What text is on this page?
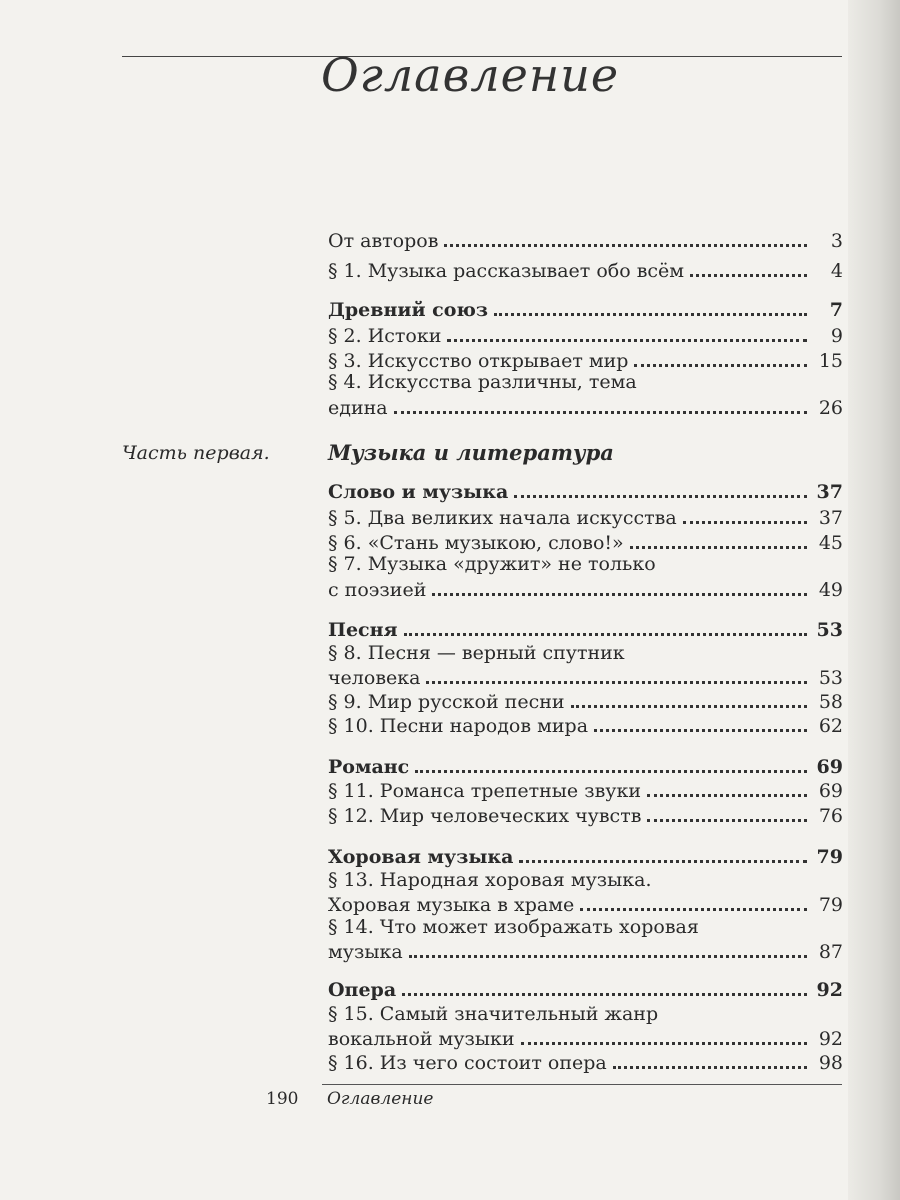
Оглавление
Часть первая.	Музыка и литература
От авторов	3
§ 1. Музыка рассказывает обо всём	4
Древний союз	7
§ 2. Истоки	9
§ 3. Искусство открывает мир	15
§ 4. Искусства различны, тема
едина	26
Слово и музыка	37
§ 5. Два великих начала искусства	37
§ 6. «Стань музыкою, слово!»	45
§ 7. Музыка «дружит» не только
с поэзией	49
Песня	53
§ 8. Песня — верный спутник
человека	53
§ 9. Мир русской песни	58
§ 10. Песни народов мира	62
Романс	69
§ 11. Романса трепетные звуки	69
§ 12. Мир человеческих чувств	76
Хоровая музыка	79
§ 13. Народная хоровая музыка.
Хоровая музыка в храме	79
§ 14. Что может изображать хоровая
музыка	87
Опера	92
§ 15. Самый значительный жанр
вокальной музыки	92
§ 16. Из чего состоит опера	98
190 Оглавление
